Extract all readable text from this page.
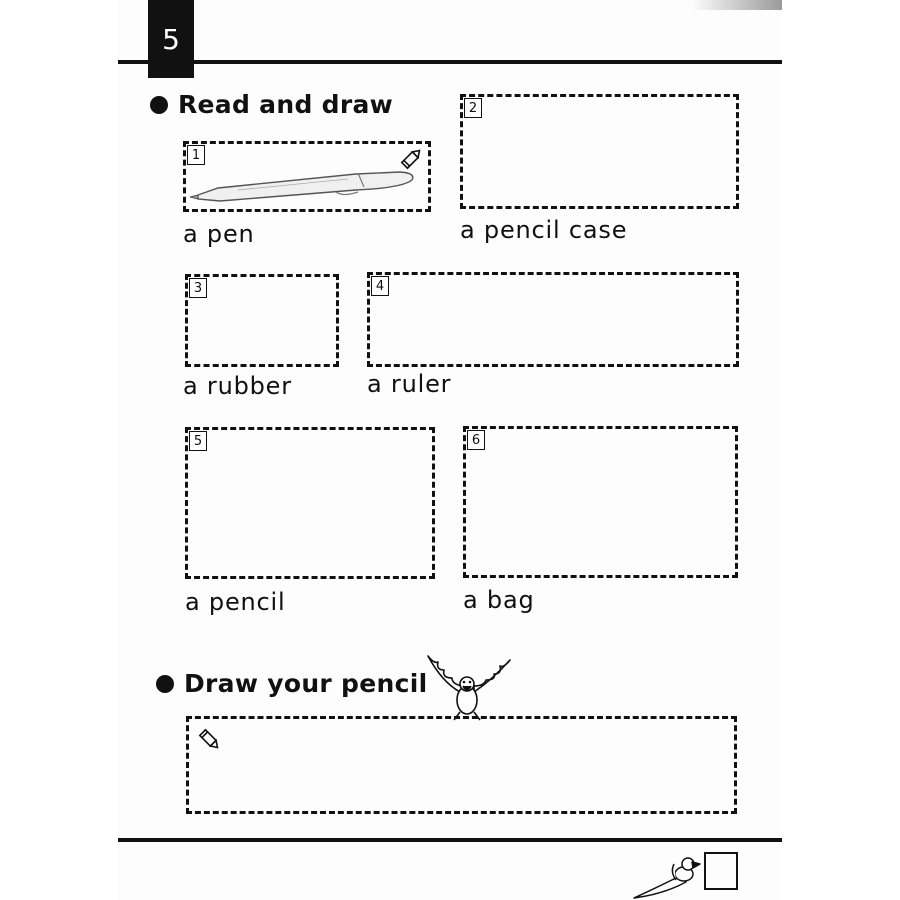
5
Read and draw
1
a pen
2
a pencil case
3
a rubber
4
a ruler
5
a pencil
6
a bag
Draw your pencil
